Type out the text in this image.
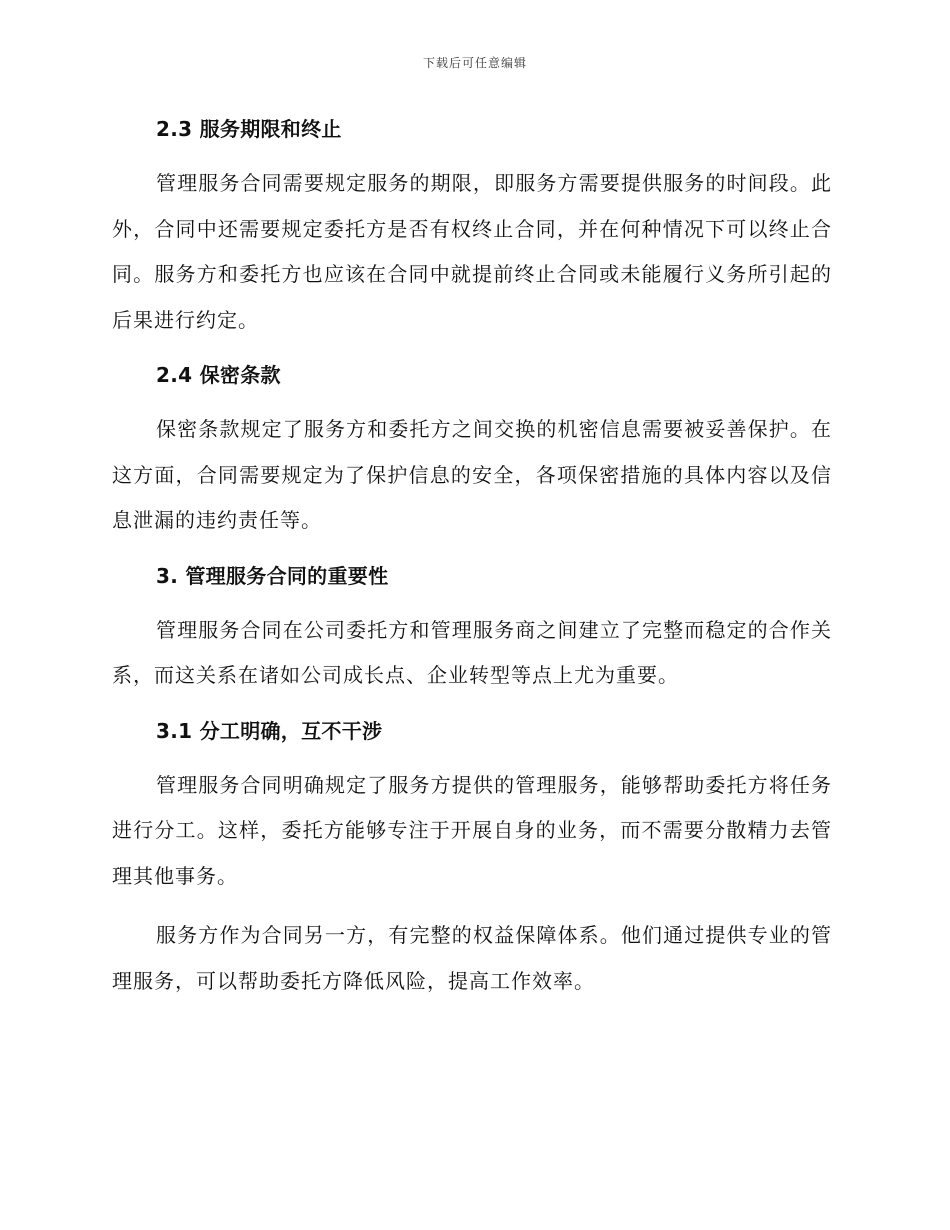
下载后可任意编辑
2.3 服务期限和终止

管理服务合同需要规定服务的期限，即服务方需要提供服务的时间段。此外，合同中还需要规定委托方是否有权终止合同，并在何种情况下可以终止合同。服务方和委托方也应该在合同中就提前终止合同或未能履行义务所引起的后果进行约定。

2.4 保密条款

保密条款规定了服务方和委托方之间交换的机密信息需要被妥善保护。在这方面，合同需要规定为了保护信息的安全，各项保密措施的具体内容以及信息泄漏的违约责任等。

3. 管理服务合同的重要性

管理服务合同在公司委托方和管理服务商之间建立了完整而稳定的合作关系，而这关系在诸如公司成长点、企业转型等点上尤为重要。

3.1 分工明确，互不干涉

管理服务合同明确规定了服务方提供的管理服务，能够帮助委托方将任务进行分工。这样，委托方能够专注于开展自身的业务，而不需要分散精力去管理其他事务。

服务方作为合同另一方，有完整的权益保障体系。他们通过提供专业的管理服务，可以帮助委托方降低风险，提高工作效率。
